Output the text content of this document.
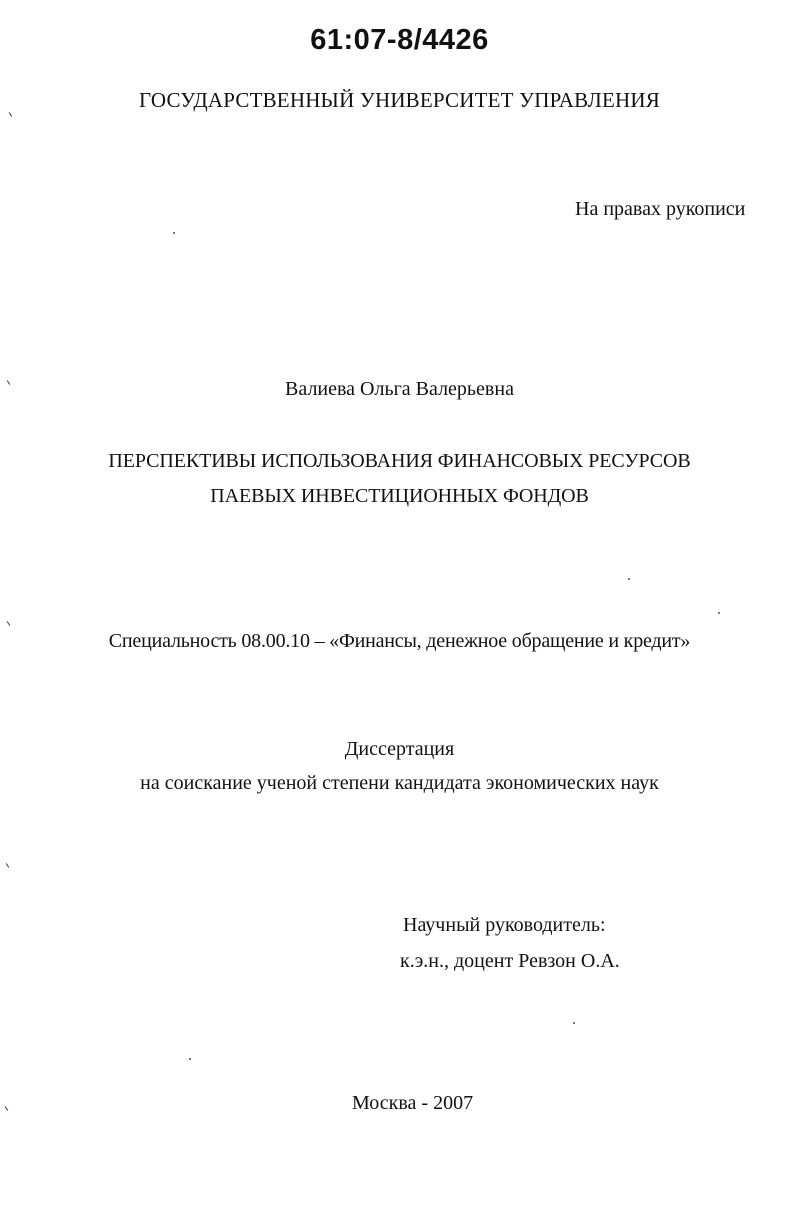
61:07-8/4426
ГОСУДАРСТВЕННЫЙ УНИВЕРСИТЕТ УПРАВЛЕНИЯ
На правах рукописи
Валиева Ольга Валерьевна
ПЕРСПЕКТИВЫ ИСПОЛЬЗОВАНИЯ ФИНАНСОВЫХ РЕСУРСОВ
ПАЕВЫХ ИНВЕСТИЦИОННЫХ ФОНДОВ
Специальность 08.00.10 – «Финансы, денежное обращение и кредит»
Диссертация
на соискание ученой степени кандидата экономических наук
Научный руководитель:
к.э.н., доцент Ревзон О.А.
Москва - 2007
